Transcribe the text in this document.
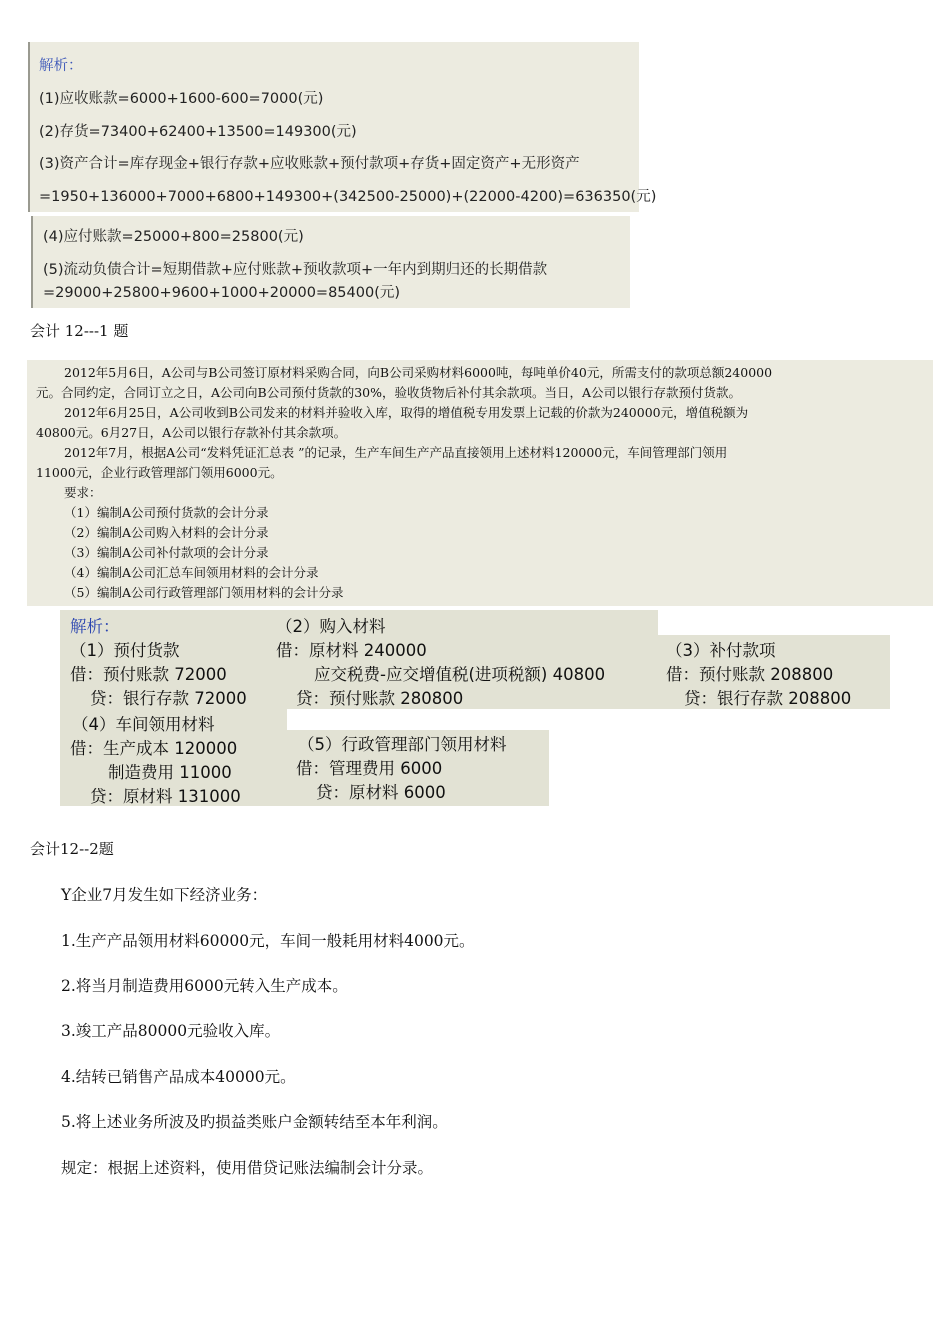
解析：
(1)应收账款=6000+1600-600=7000(元)
(2)存货=73400+62400+13500=149300(元)
(3)资产合计=库存现金+银行存款+应收账款+预付款项+存货+固定资产+无形资产
=1950+136000+7000+6800+149300+(342500-25000)+(22000-4200)=636350(元)
(4)应付账款=25000+800=25800(元)
(5)流动负债合计=短期借款+应付账款+预收款项+一年内到期归还的长期借款
=29000+25800+9600+1000+20000=85400(元)
会计 12---1 题
2012年5月6日，A公司与B公司签订原材料采购合同，向B公司采购材料6000吨，每吨单价40元，所需支付的款项总额240000
元。合同约定，合同订立之日，A公司向B公司预付货款的30%，验收货物后补付其余款项。当日，A公司以银行存款预付货款。
2012年6月25日，A公司收到B公司发来的材料并验收入库，取得的增值税专用发票上记载的价款为240000元，增值税额为
40800元。6月27日，A公司以银行存款补付其余款项。
2012年7月，根据A公司“发料凭证汇总表 ”的记录，生产车间生产产品直接领用上述材料120000元，车间管理部门领用
11000元，企业行政管理部门领用6000元。
要求：
（1）编制A公司预付货款的会计分录
（2）编制A公司购入材料的会计分录
（3）编制A公司补付款项的会计分录
（4）编制A公司汇总车间领用材料的会计分录
（5）编制A公司行政管理部门领用材料的会计分录
解析：
（1）预付货款
借：预付账款 72000
贷：银行存款 72000
（2）购入材料
借：原材料 240000
应交税费-应交增值税(进项税额) 40800
贷：预付账款 280800
（3）补付款项
借：预付账款 208800
贷：银行存款 208800
（4）车间领用材料
借：生产成本 120000
制造费用 11000
贷：原材料 131000
（5）行政管理部门领用材料
借：管理费用 6000
贷：原材料 6000
会计12--2题
Y企业7月发生如下经济业务：
1.生产产品领用材料60000元，车间一般耗用材料4000元。
2.将当月制造费用6000元转入生产成本。
3.竣工产品80000元验收入库。
4.结转已销售产品成本40000元。
5.将上述业务所波及旳损益类账户金额转结至本年利润。
规定：根据上述资料，使用借贷记账法编制会计分录。
